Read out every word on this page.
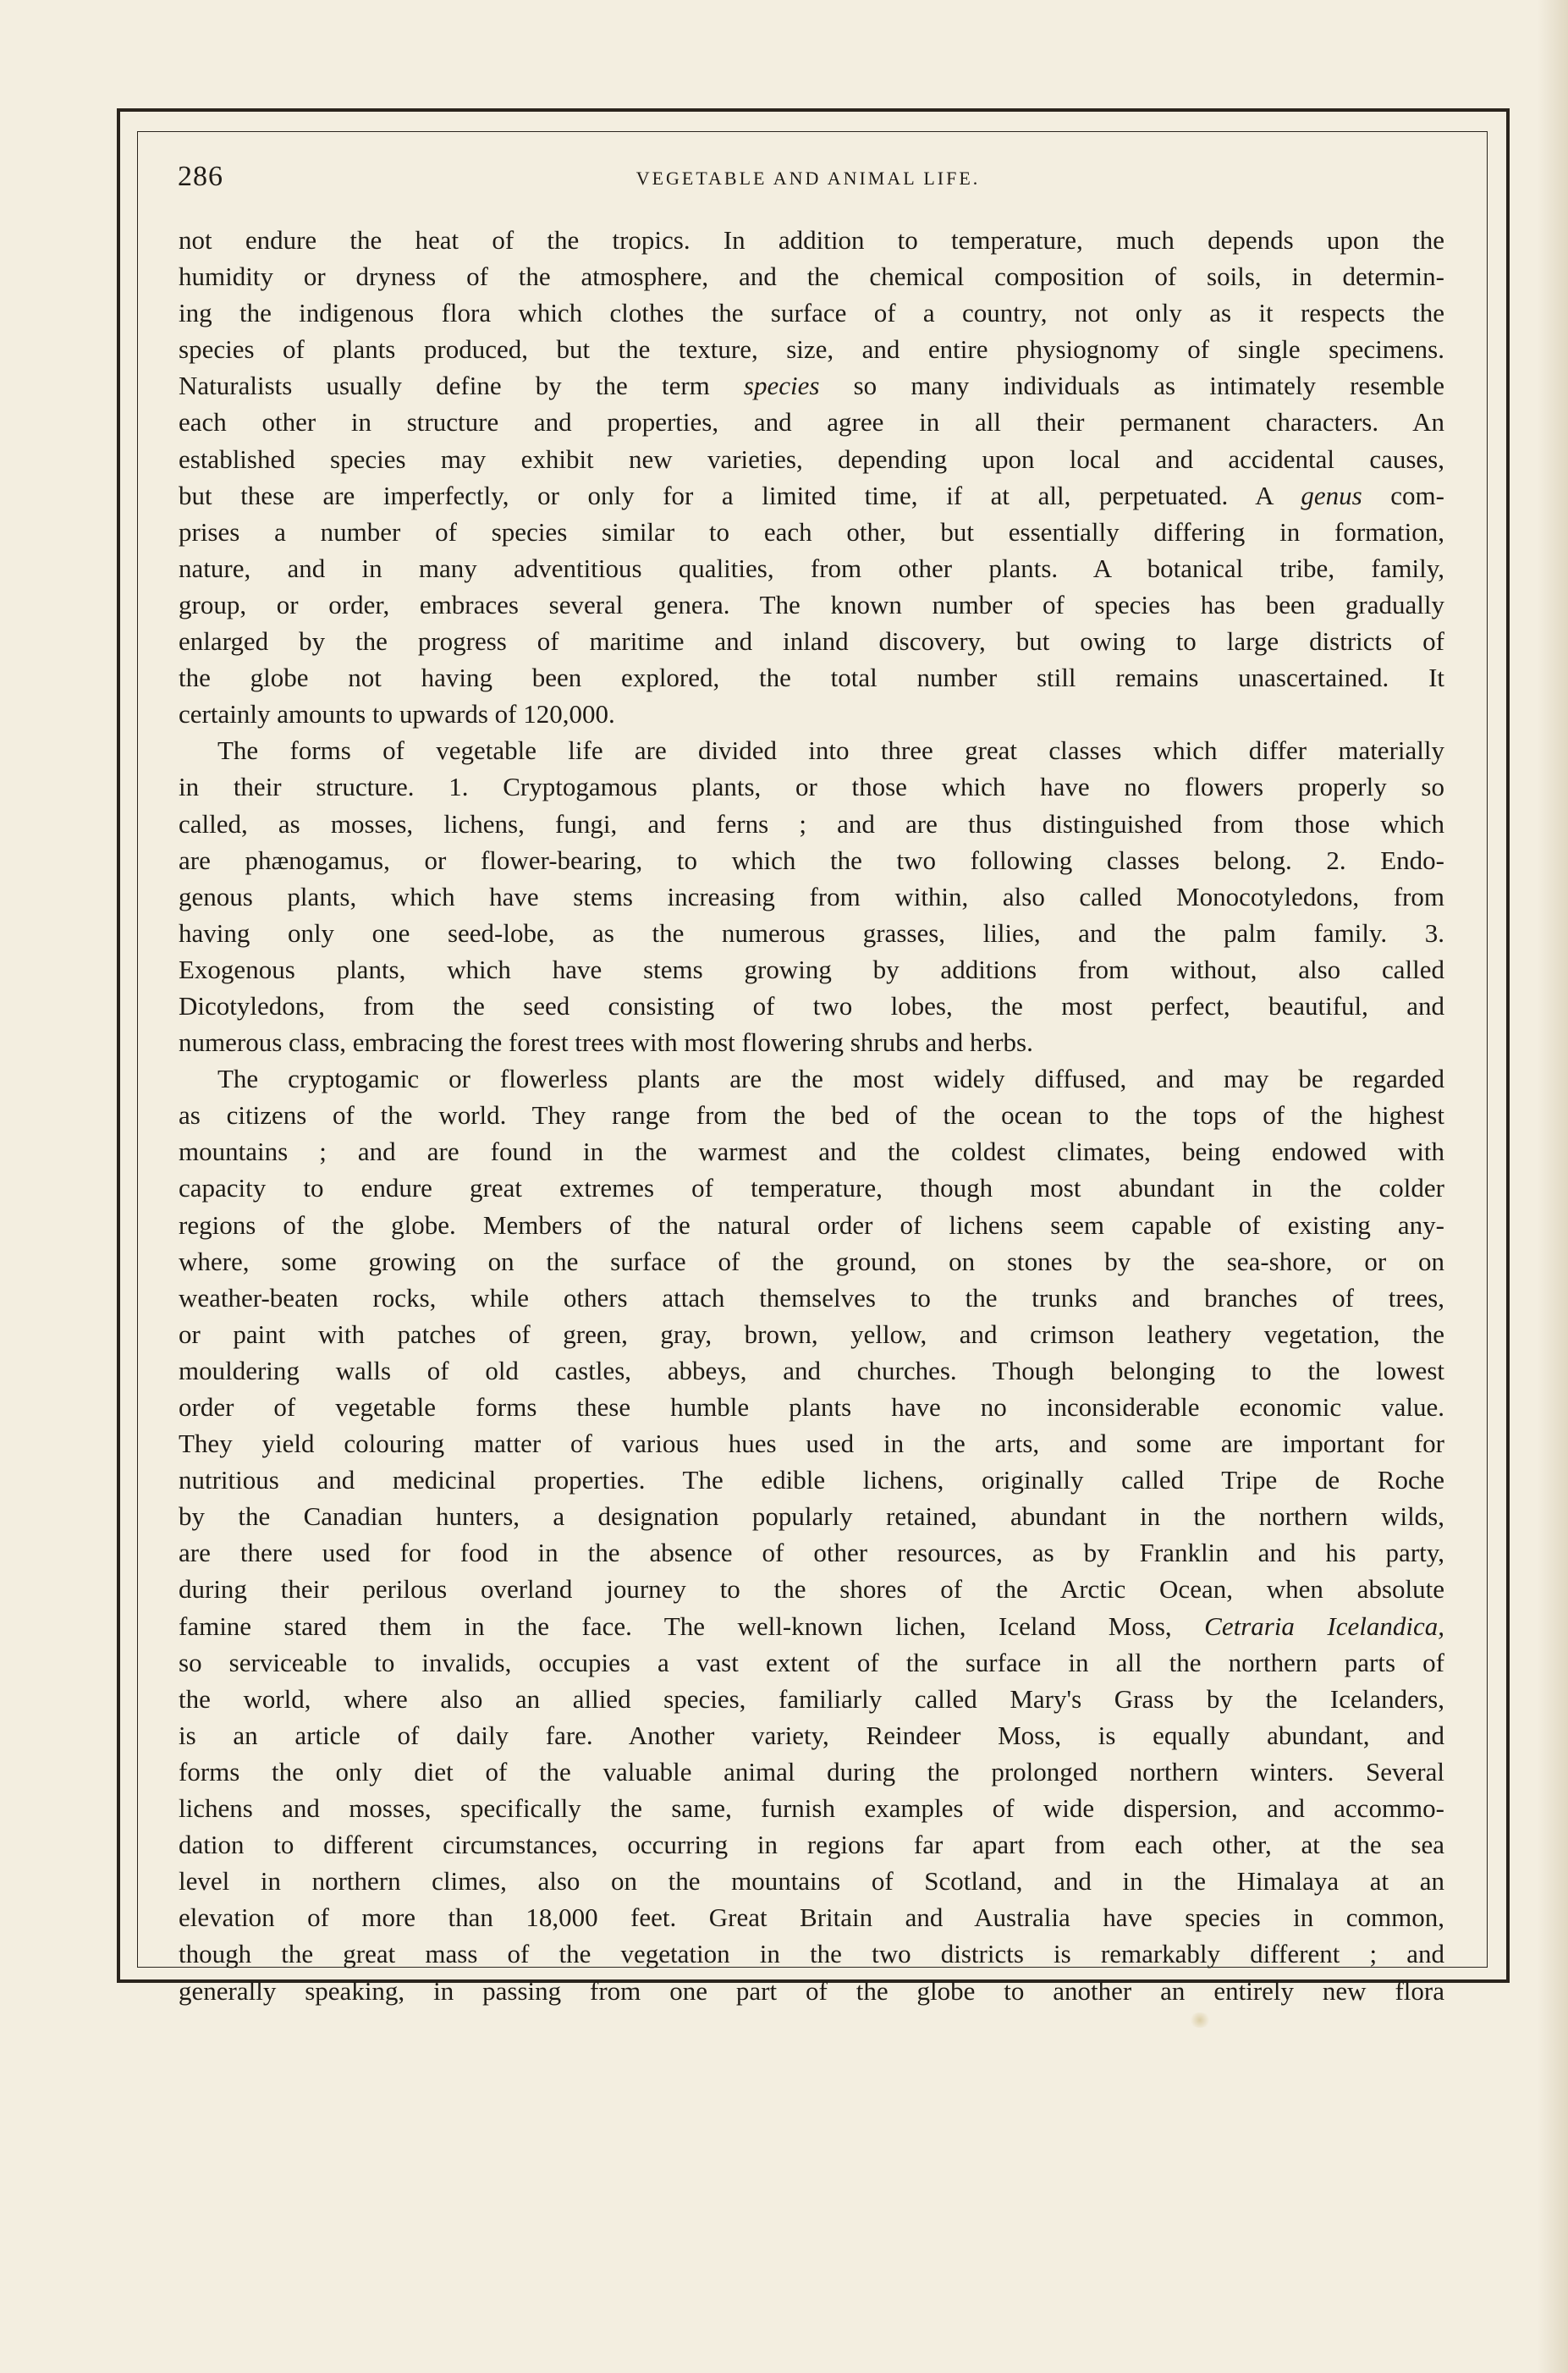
286	VEGETABLE AND ANIMAL LIFE.
not endure the heat of the tropics. In addition to temperature, much depends upon the
humidity or dryness of the atmosphere, and the chemical composition of soils, in determin-
ing the indigenous flora which clothes the surface of a country, not only as it respects the
species of plants produced, but the texture, size, and entire physiognomy of single specimens.
Naturalists usually define by the term species so many individuals as intimately resemble
each other in structure and properties, and agree in all their permanent characters. An
established species may exhibit new varieties, depending upon local and accidental causes,
but these are imperfectly, or only for a limited time, if at all, perpetuated. A genus com-
prises a number of species similar to each other, but essentially differing in formation,
nature, and in many adventitious qualities, from other plants. A botanical tribe, family,
group, or order, embraces several genera. The known number of species has been gradually
enlarged by the progress of maritime and inland discovery, but owing to large districts of
the globe not having been explored, the total number still remains unascertained. It
certainly amounts to upwards of 120,000.
The forms of vegetable life are divided into three great classes which differ materially
in their structure. 1. Cryptogamous plants, or those which have no flowers properly so
called, as mosses, lichens, fungi, and ferns ; and are thus distinguished from those which
are phænogamus, or flower-bearing, to which the two following classes belong. 2. Endo-
genous plants, which have stems increasing from within, also called Monocotyledons, from
having only one seed-lobe, as the numerous grasses, lilies, and the palm family. 3.
Exogenous plants, which have stems growing by additions from without, also called
Dicotyledons, from the seed consisting of two lobes, the most perfect, beautiful, and
numerous class, embracing the forest trees with most flowering shrubs and herbs.
The cryptogamic or flowerless plants are the most widely diffused, and may be regarded
as citizens of the world. They range from the bed of the ocean to the tops of the highest
mountains ; and are found in the warmest and the coldest climates, being endowed with
capacity to endure great extremes of temperature, though most abundant in the colder
regions of the globe. Members of the natural order of lichens seem capable of existing any-
where, some growing on the surface of the ground, on stones by the sea-shore, or on
weather-beaten rocks, while others attach themselves to the trunks and branches of trees,
or paint with patches of green, gray, brown, yellow, and crimson leathery vegetation, the
mouldering walls of old castles, abbeys, and churches. Though belonging to the lowest
order of vegetable forms these humble plants have no inconsiderable economic value.
They yield colouring matter of various hues used in the arts, and some are important for
nutritious and medicinal properties. The edible lichens, originally called Tripe de Roche
by the Canadian hunters, a designation popularly retained, abundant in the northern wilds,
are there used for food in the absence of other resources, as by Franklin and his party,
during their perilous overland journey to the shores of the Arctic Ocean, when absolute
famine stared them in the face. The well-known lichen, Iceland Moss, Cetraria Icelandica,
so serviceable to invalids, occupies a vast extent of the surface in all the northern parts of
the world, where also an allied species, familiarly called Mary's Grass by the Icelanders,
is an article of daily fare. Another variety, Reindeer Moss, is equally abundant, and
forms the only diet of the valuable animal during the prolonged northern winters. Several
lichens and mosses, specifically the same, furnish examples of wide dispersion, and accommo-
dation to different circumstances, occurring in regions far apart from each other, at the sea
level in northern climes, also on the mountains of Scotland, and in the Himalaya at an
elevation of more than 18,000 feet. Great Britain and Australia have species in common,
though the great mass of the vegetation in the two districts is remarkably different ; and
generally speaking, in passing from one part of the globe to another an entirely new flora
